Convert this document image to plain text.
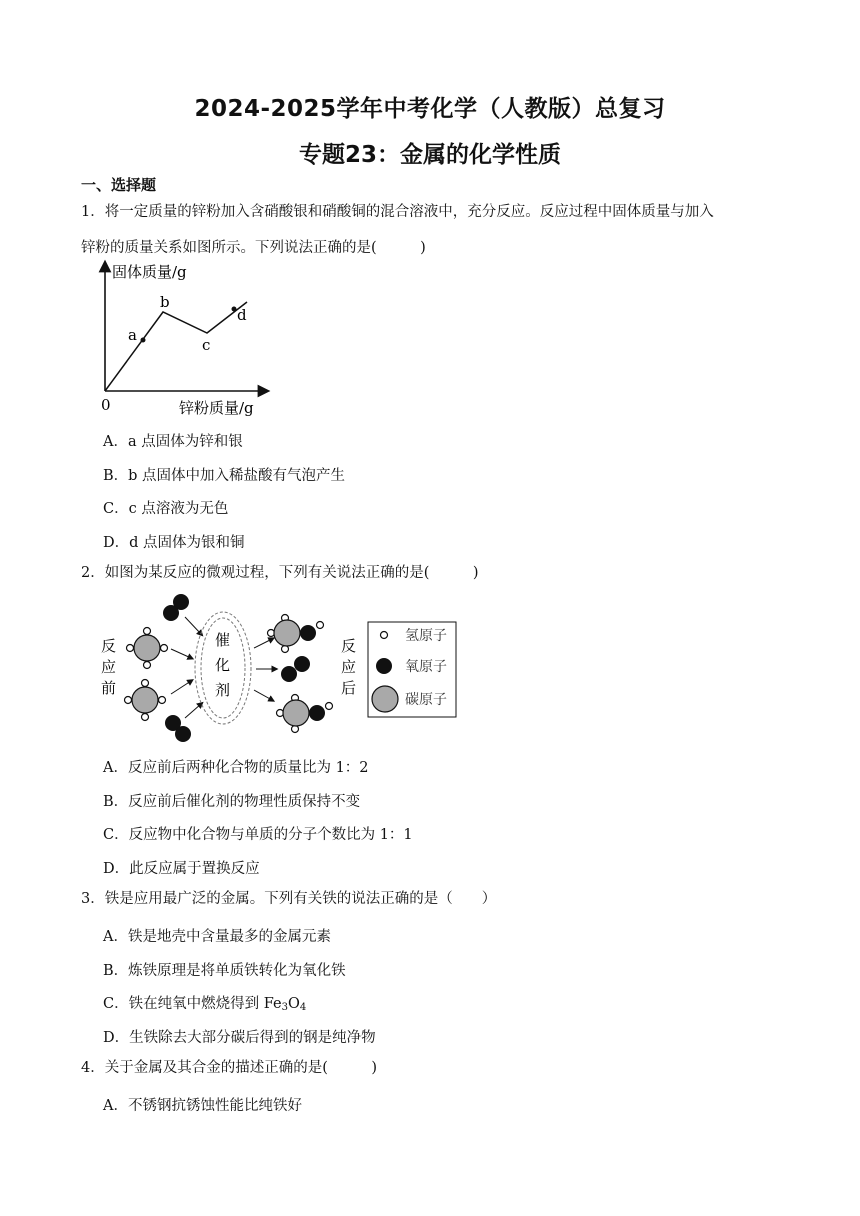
2024-2025学年中考化学（人教版）总复习
专题23：金属的化学性质
一、选择题
1．将一定质量的锌粉加入含硝酸银和硝酸铜的混合溶液中，充分反应。反应过程中固体质量与加入
锌粉的质量关系如图所示。下列说法正确的是(　　　)
固体质量/g
锌粉质量/g
0
a
b
c
d
A．a 点固体为锌和银
B．b 点固体中加入稀盐酸有气泡产生
C．c 点溶液为无色
D．d 点固体为银和铜
2．如图为某反应的微观过程，下列有关说法正确的是(　　　)
反
应
前
催
化
剂
反
应
后
氢原子
氧原子
碳原子
A．反应前后两种化合物的质量比为 1：2
B．反应前后催化剂的物理性质保持不变
C．反应物中化合物与单质的分子个数比为 1：1
D．此反应属于置换反应
3．铁是应用最广泛的金属。下列有关铁的说法正确的是（　　）
A．铁是地壳中含量最多的金属元素
B．炼铁原理是将单质铁转化为氧化铁
C．铁在纯氧中燃烧得到 $Fe_3O_4$
D．生铁除去大部分碳后得到的钢是纯净物
4．关于金属及其合金的描述正确的是(　　　)
A．不锈钢抗锈蚀性能比纯铁好
